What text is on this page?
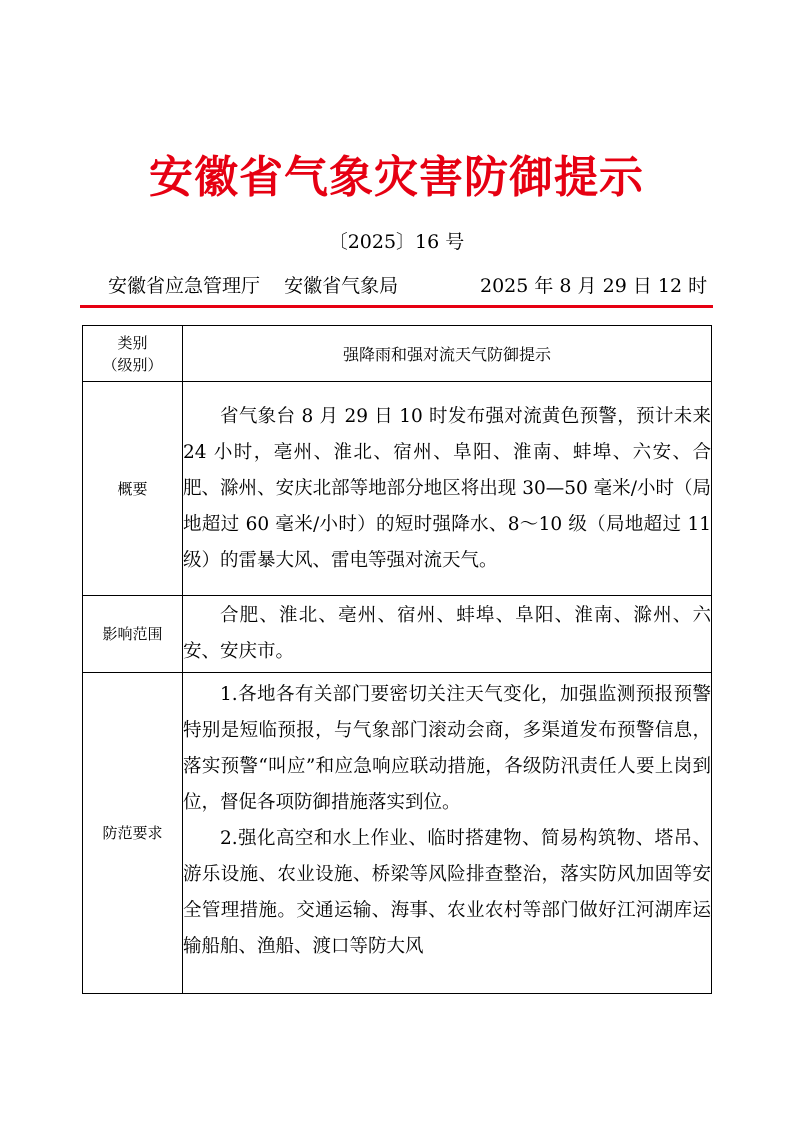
安徽省气象灾害防御提示
〔2025〕16 号
安徽省应急管理厅    安徽省气象局	2025 年 8 月 29 日 12 时
类别
（级别）	强降雨和强对流天气防御提示
概要	省气象台 8 月 29 日 10 时发布强对流黄色预警，预计未来 24 小时，亳州、淮北、宿州、阜阳、淮南、蚌埠、六安、合肥、滁州、安庆北部等地部分地区将出现 30—50 毫米/小时（局地超过 60 毫米/小时）的短时强降水、8～10 级（局地超过 11 级）的雷暴大风、雷电等强对流天气。

影响范围	合肥、淮北、亳州、宿州、蚌埠、阜阳、淮南、滁州、六安、安庆市。

防范要求	1.各地各有关部门要密切关注天气变化，加强监测预报预警特别是短临预报，与气象部门滚动会商，多渠道发布预警信息，落实预警“叫应”和应急响应联动措施，各级防汛责任人要上岗到位，督促各项防御措施落实到位。

2.强化高空和水上作业、临时搭建物、简易构筑物、塔吊、游乐设施、农业设施、桥梁等风险排查整治，落实防风加固等安全管理措施。交通运输、海事、农业农村等部门做好江河湖库运输船舶、渔船、渡口等防大风
